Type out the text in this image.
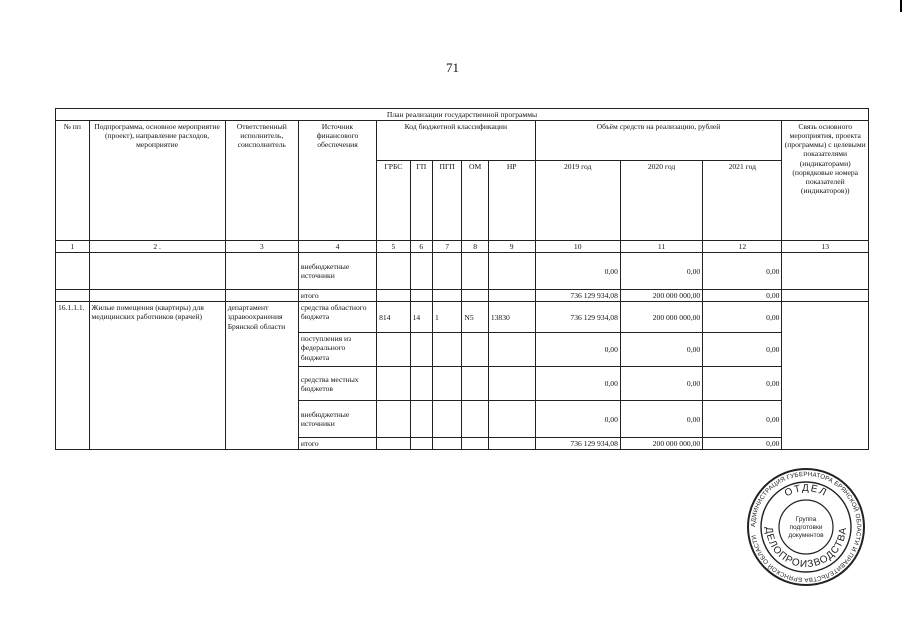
71
План реализации государственной программы												
№ пп	Подпрограмма, основное мероприятие (проект), направление расходов, мероприятие	Ответственный исполнитель, соисполнитель	Источник финансового обеспечения	Код бюджетной классификации					Объём средств на реализацию, рублей			Связь основного мероприятия, проекта (программы) с целевыми показателями (индикаторами) (порядковые номера показателей (индикаторов))
				ГРБС	ГП	ПГП	ОМ	НР	2019 год	2020 год	2021 год	
1	2 .	3	4	5	6	7	8	9	10	11	12	13
			внебюджетные источники						0,00	0,00	0,00	
			итого						736 129 934,08	200 000 000,00	0,00	
16.1.1.1.	Жилые помещения (квартиры) для медицинских работников (врачей)	департамент здравоохранения Брянской области	средства областного бюджета	814	14	1	N5	13830	736 129 934,08	200 000 000,00	0,00	
			поступления из федерального бюджета						0,00	0,00	0,00	
			средства местных бюджетов						0,00	0,00	0,00	
			внебюджетные источники						0,00	0,00	0,00	
			итого						736 129 934,08	200 000 000,00	0,00	
АДМИНИСТРАЦИЯ ГУБЕРНАТОРА БРЯНСКОЙ ОБЛАСТИ И ПРАВИТЕЛЬСТВА БРЯНСКОЙ ОБЛАСТИ
ОТДЕЛ
ДЕЛОПРОИЗВОДСТВА
Группа
подготовки
документов
